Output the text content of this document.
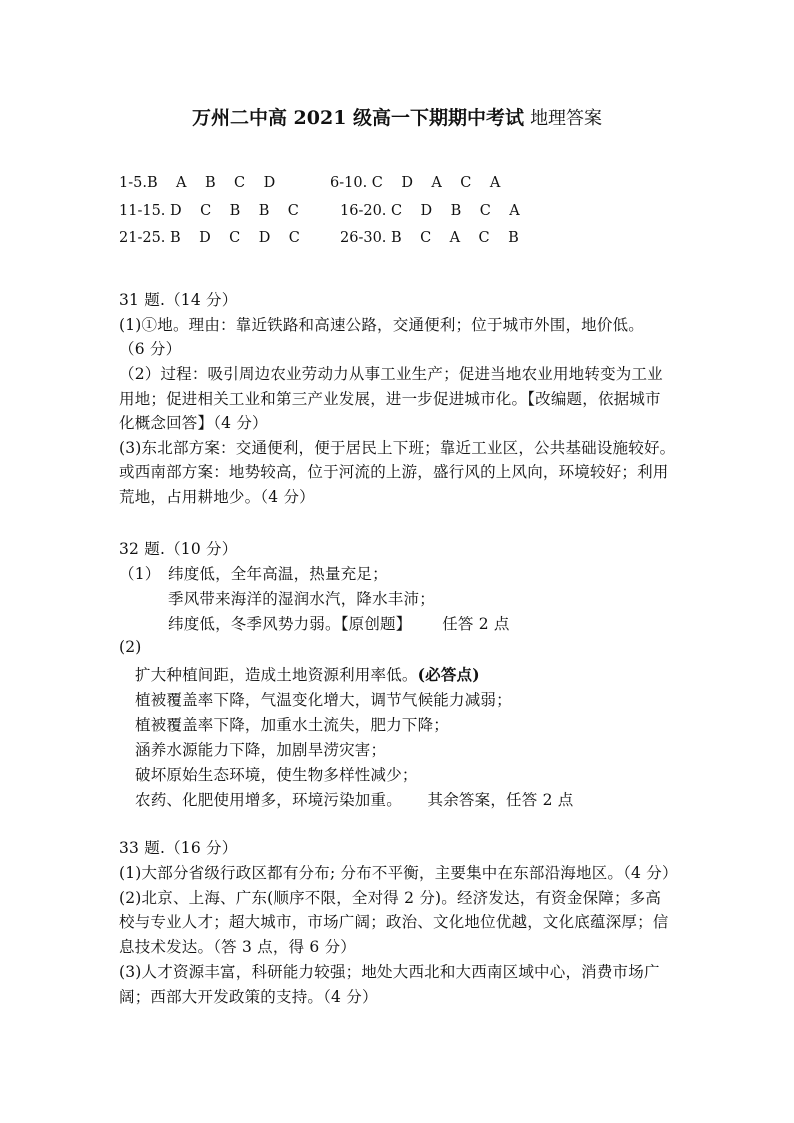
万州二中高 2021 级高一下期期中考试 地理答案
1-5.B    A    B    C    D	6-10. C    D    A    C    A
11-15. D    C    B    B    C	16-20. C    D    B    C    A
21-25. B    D    C    D    C	26-30. B    C    A    C    B
31 题.（14 分）
(1)①地。理由：靠近铁路和高速公路，交通便利；位于城市外围，地价低。
（6 分）
（2）过程：吸引周边农业劳动力从事工业生产；促进当地农业用地转变为工业
用地；促进相关工业和第三产业发展，进一步促进城市化。【改编题，依据城市
化概念回答】（4 分）
(3)东北部方案：交通便利，便于居民上下班；靠近工业区，公共基础设施较好。
或西南部方案：地势较高，位于河流的上游，盛行风的上风向，环境较好；利用
荒地，占用耕地少。（4 分）
32 题.（10 分）
（1） 纬度低，全年高温，热量充足；
季风带来海洋的湿润水汽，降水丰沛；
纬度低，冬季风势力弱。【原创题】      任答 2 点
(2)
扩大种植间距，造成土地资源利用率低。(必答点)
植被覆盖率下降，气温变化增大，调节气候能力减弱；
植被覆盖率下降，加重水土流失，肥力下降；
涵养水源能力下降，加剧旱涝灾害；
破坏原始生态环境，使生物多样性减少；
农药、化肥使用增多，环境污染加重。     其余答案，任答 2 点
33 题.（16 分）
(1)大部分省级行政区都有分布; 分布不平衡，主要集中在东部沿海地区。（4 分）
(2)北京、上海、广东(顺序不限，全对得 2 分)。经济发达，有资金保障；多高
校与专业人才；超大城市，市场广阔；政治、文化地位优越，文化底蕴深厚；信
息技术发达。（答 3 点，得 6 分）
(3)人才资源丰富，科研能力较强；地处大西北和大西南区域中心，消费市场广
阔；西部大开发政策的支持。（4 分）
